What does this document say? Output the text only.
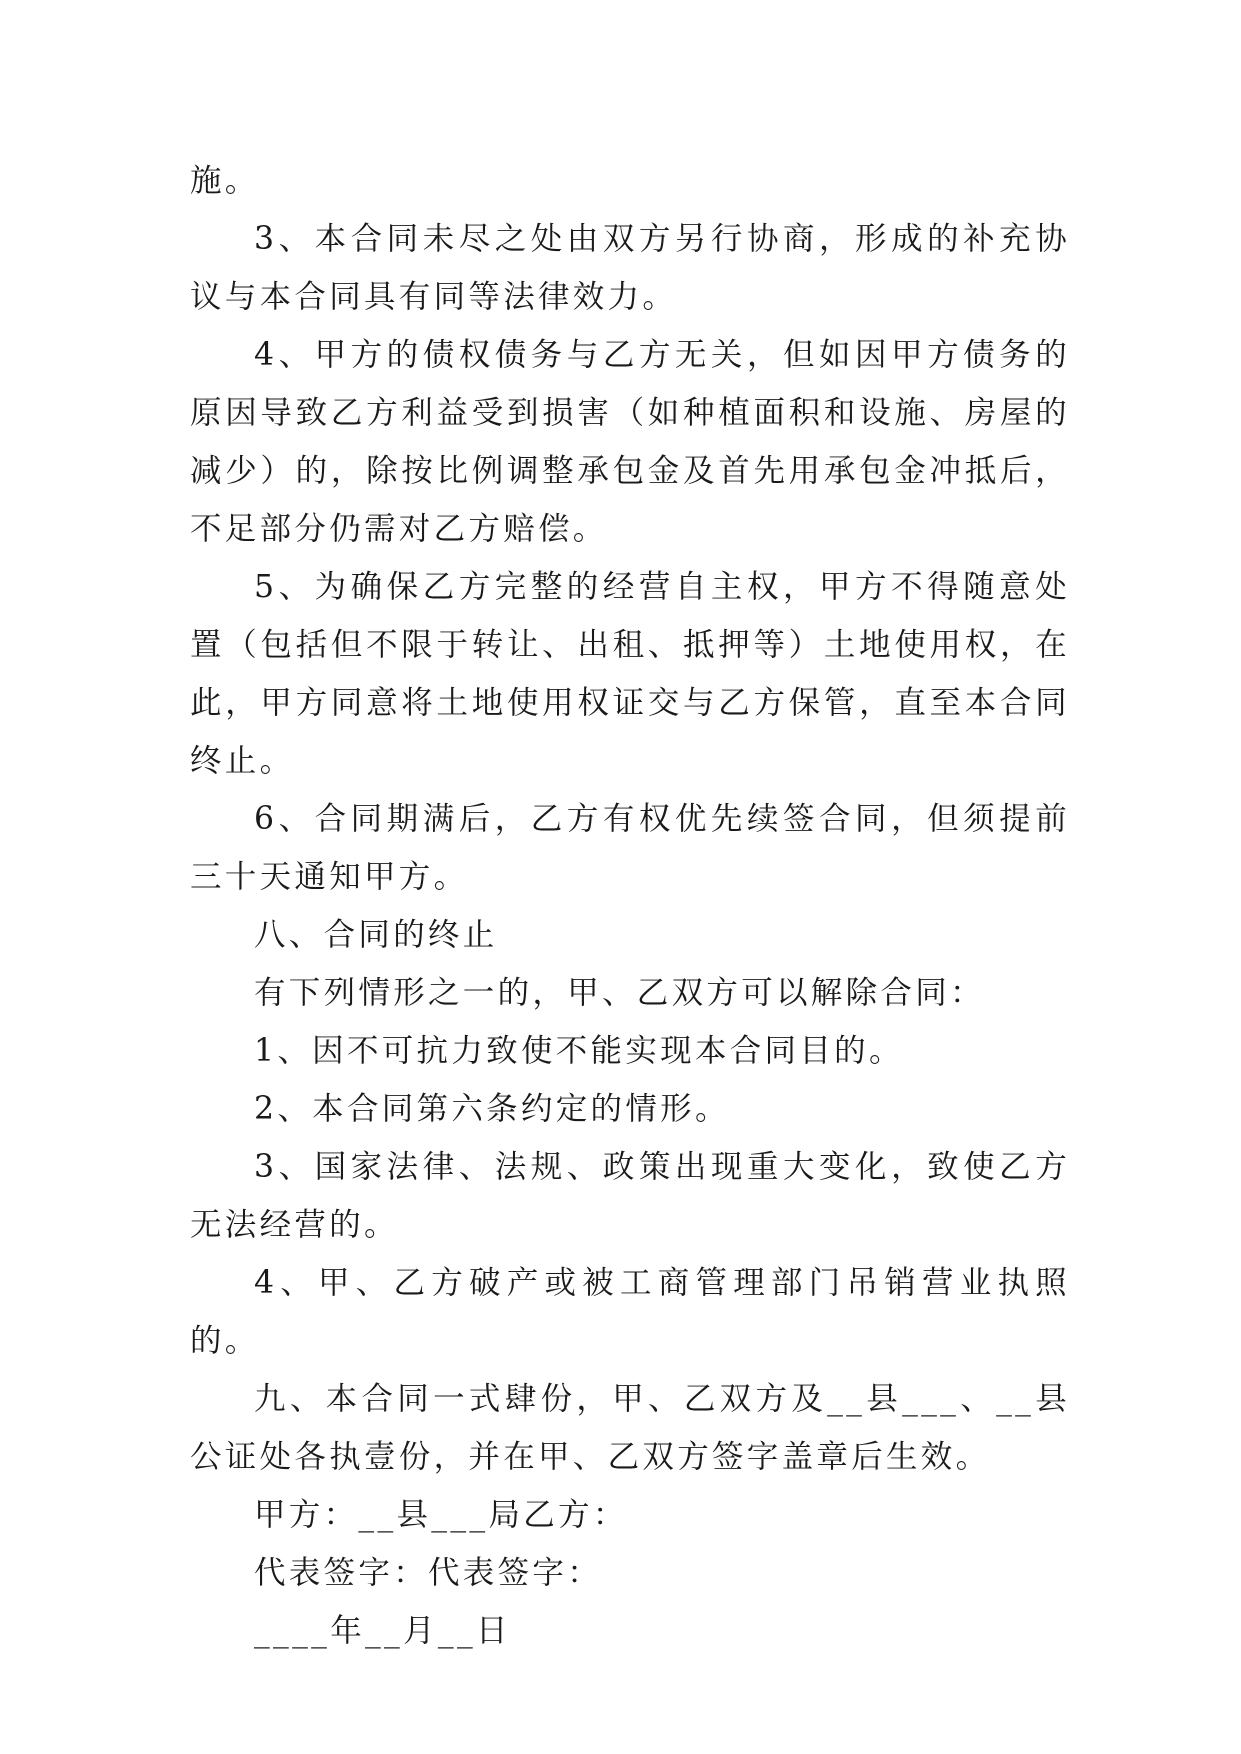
施。

3、本合同未尽之处由双方另行协商，形成的补充协议与本合同具有同等法律效力。

4、甲方的债权债务与乙方无关，但如因甲方债务的原因导致乙方利益受到损害（如种植面积和设施、房屋的减少）的，除按比例调整承包金及首先用承包金冲抵后，不足部分仍需对乙方赔偿。

5、为确保乙方完整的经营自主权，甲方不得随意处置（包括但不限于转让、出租、抵押等）土地使用权，在此，甲方同意将土地使用权证交与乙方保管，直至本合同终止。

6、合同期满后，乙方有权优先续签合同，但须提前三十天通知甲方。

八、合同的终止

有下列情形之一的，甲、乙双方可以解除合同：

1、因不可抗力致使不能实现本合同目的。

2、本合同第六条约定的情形。

3、国家法律、法规、政策出现重大变化，致使乙方无法经营的。

4、甲、乙方破产或被工商管理部门吊销营业执照的。

九、本合同一式肆份，甲、乙双方及__县___、__县公证处各执壹份，并在甲、乙双方签字盖章后生效。

甲方：__县___局乙方：

代表签字：代表签字：

____年__月__日
